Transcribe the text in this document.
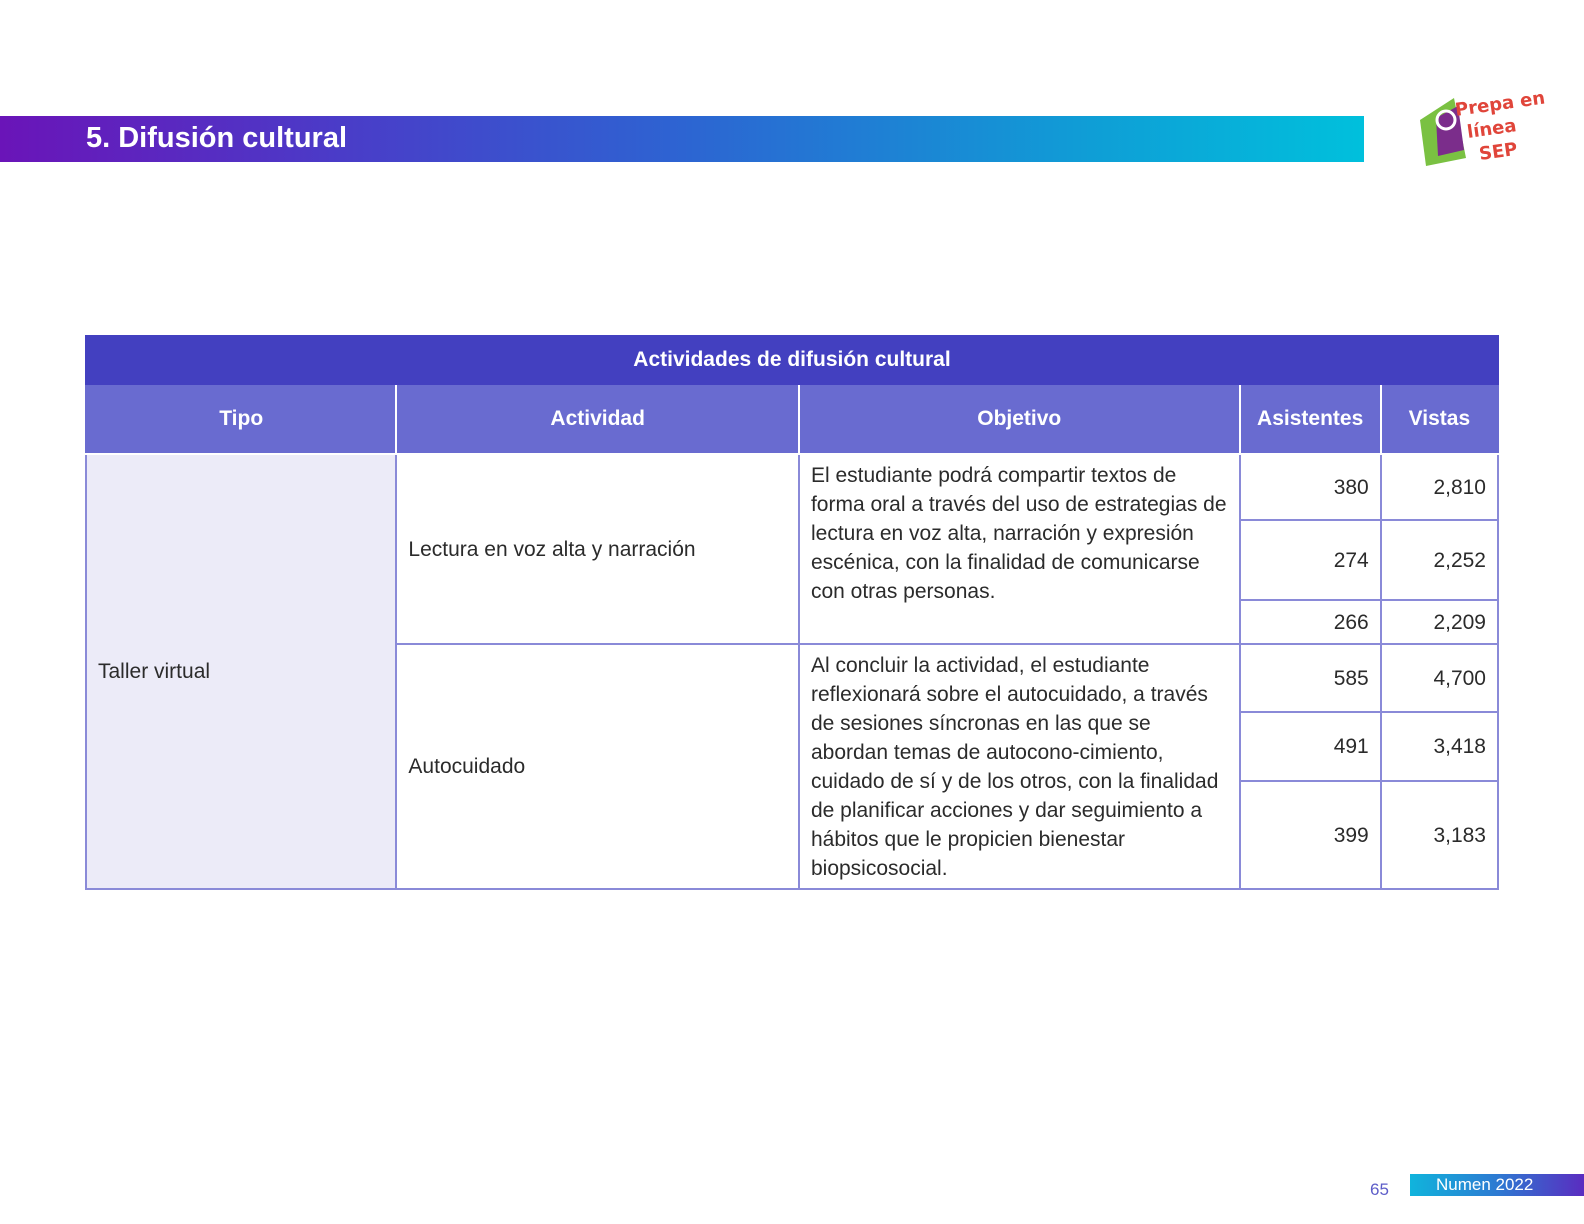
5. Difusión cultural
Prepa en
línea
SEP
Actividades de difusión cultural				
Tipo	Actividad	Objetivo	Asistentes	Vistas
Taller virtual	Lectura en voz alta y narración	El estudiante podrá compartir textos de forma oral a través del uso de estrategias de lectura en voz alta, narración y expresión escénica, con la finalidad de comunicarse con otras personas.	380	2,810
			274	2,252
			266	2,209
	Autocuidado	Al concluir la actividad, el estudiante reflexionará sobre el autocuidado, a través de sesiones síncronas en las que se abordan temas de autocono-cimiento, cuidado de sí y de los otros, con la finalidad de planificar acciones y dar seguimiento a hábitos que le propicien bienestar biopsicosocial.	585	4,700
			491	3,418
			399	3,183
65	Numen 2022
